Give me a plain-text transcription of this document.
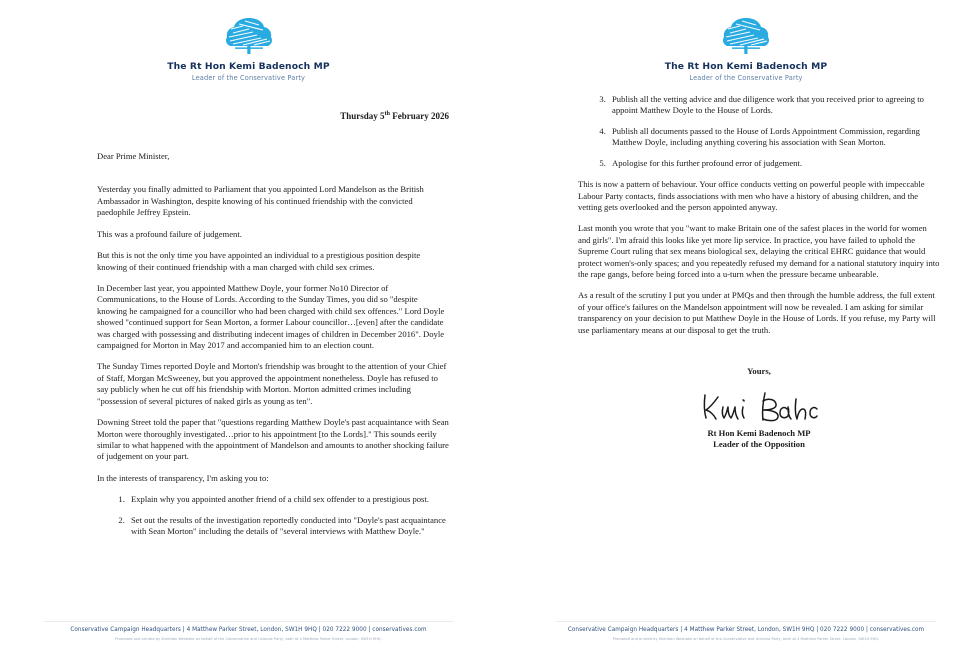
The Rt Hon Kemi Badenoch MP
Leader of the Conservative Party
Thursday 5th February 2026
Dear Prime Minister,

Yesterday you finally admitted to Parliament that you appointed Lord Mandelson as the British Ambassador in Washington, despite knowing of his continued friendship with the convicted paedophile Jeffrey Epstein.

This was a profound failure of judgement.

But this is not the only time you have appointed an individual to a prestigious position despite knowing of their continued friendship with a man charged with child sex crimes.

In December last year, you appointed Matthew Doyle, your former No10 Director of Communications, to the House of Lords. According to the Sunday Times, you did so "despite knowing he campaigned for a councillor who had been charged with child sex offences." Lord Doyle showed "continued support for Sean Morton, a former Labour councillor…[even] after the candidate was charged with possessing and distributing indecent images of children in December 2016". Doyle campaigned for Morton in May 2017 and accompanied him to an election count.

The Sunday Times reported Doyle and Morton's friendship was brought to the attention of your Chief of Staff, Morgan McSweeney, but you approved the appointment nonetheless. Doyle has refused to say publicly when he cut off his friendship with Morton. Morton admitted crimes including "possession of several pictures of naked girls as young as ten".

Downing Street told the paper that "questions regarding Matthew Doyle's past acquaintance with Sean Morton were thoroughly investigated…prior to his appointment [to the Lords]." This sounds eerily similar to what happened with the appointment of Mandelson and amounts to another shocking failure of judgement on your part.

In the interests of transparency, I'm asking you to:

1. Explain why you appointed another friend of a child sex offender to a prestigious post.
2. Set out the results of the investigation reportedly conducted into "Doyle's past acquaintance with Sean Morton" including the details of "several interviews with Matthew Doyle."
Conservative Campaign Headquarters | 4 Matthew Parker Street, London, SW1H 9HQ | 020 7222 9000 | conservatives.com
Promoted and printed by Sheridan Westlake on behalf of the Conservative and Unionist Party, both at 4 Matthew Parker Street, London, SW1H 9HQ.
The Rt Hon Kemi Badenoch MP
Leader of the Conservative Party
3. Publish all the vetting advice and due diligence work that you received prior to agreeing to appoint Matthew Doyle to the House of Lords.
4. Publish all documents passed to the House of Lords Appointment Commission, regarding Matthew Doyle, including anything covering his association with Sean Morton.
5. Apologise for this further profound error of judgement.

This is now a pattern of behaviour. Your office conducts vetting on powerful people with impeccable Labour Party contacts, finds associations with men who have a history of abusing children, and the vetting gets overlooked and the person appointed anyway.

Last month you wrote that you "want to make Britain one of the safest places in the world for women and girls". I'm afraid this looks like yet more lip service. In practice, you have failed to uphold the Supreme Court ruling that sex means biological sex, delaying the critical EHRC guidance that would protect women's-only spaces; and you repeatedly refused my demand for a national statutory inquiry into the rape gangs, before being forced into a u-turn when the pressure became unbearable.

As a result of the scrutiny I put you under at PMQs and then through the humble address, the full extent of your office's failures on the Mandelson appointment will now be revealed. I am asking for similar transparency on your decision to put Matthew Doyle in the House of Lords. If you refuse, my Party will use parliamentary means at our disposal to get the truth.

Yours,
Rt Hon Kemi Badenoch MP
Leader of the Opposition
Conservative Campaign Headquarters | 4 Matthew Parker Street, London, SW1H 9HQ | 020 7222 9000 | conservatives.com
Promoted and printed by Sheridan Westlake on behalf of the Conservative and Unionist Party, both at 4 Matthew Parker Street, London, SW1H 9HQ.
